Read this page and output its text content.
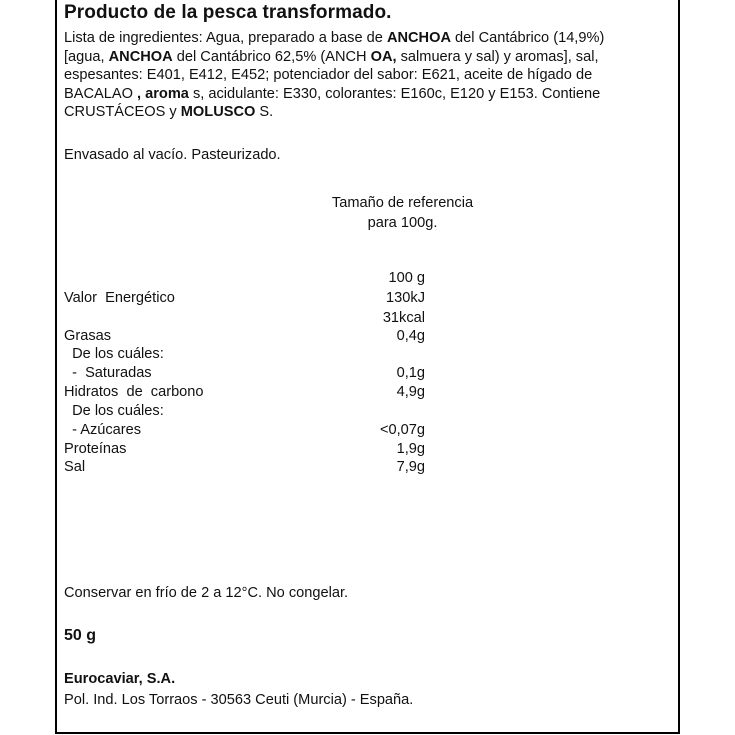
Producto de la pesca transformado.
Lista de ingredientes: Agua, preparado a base de ANCHOA del Cantábrico (14,9%) [agua, ANCHOA del Cantábrico 62,5% (ANCH OA, salmuera y sal) y aromas], sal, espesantes: E401, E412, E452; potenciador del sabor: E621, aceite de hígado de BACALAO , aroma s, acidulante: E330, colorantes: E160c, E120 y E153. Contiene CRUSTÁCEOS y MOLUSCO S.
Envasado al vacío. Pasteurizado.
Tamaño de referencia
para 100g.
100 g
Valor  Energético	130kJ
31kcal
Grasas	0,4g
De los cuáles:
-  Saturadas	0,1g
Hidratos  de  carbono	4,9g
De los cuáles:
- Azúcares	<0,07g
Proteínas	1,9g
Sal	7,9g
Conservar en frío de 2 a 12°C. No congelar.
50 g
Eurocaviar, S.A.
Pol. Ind. Los Torraos - 30563 Ceuti (Murcia) - España.
